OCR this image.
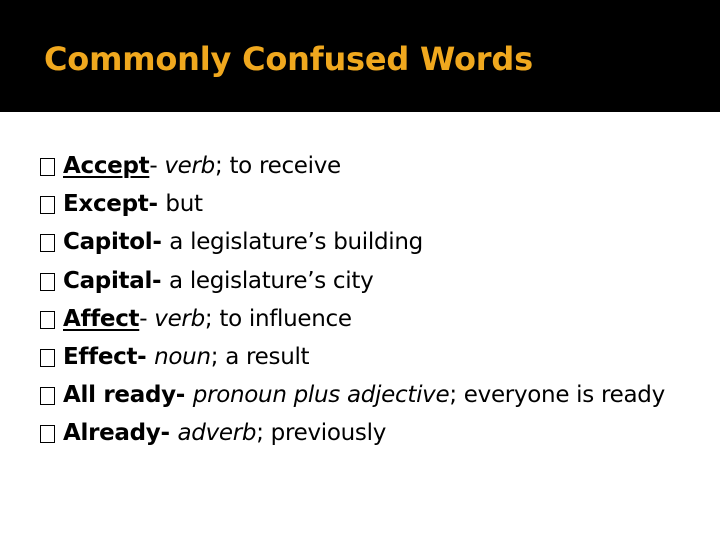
Commonly Confused Words
Accept- verb; to receive
Except- but
Capitol- a legislature’s building
Capital- a legislature’s city
Affect- verb; to influence
Effect- noun; a result
All ready- pronoun plus adjective; everyone is ready
Already- adverb; previously
